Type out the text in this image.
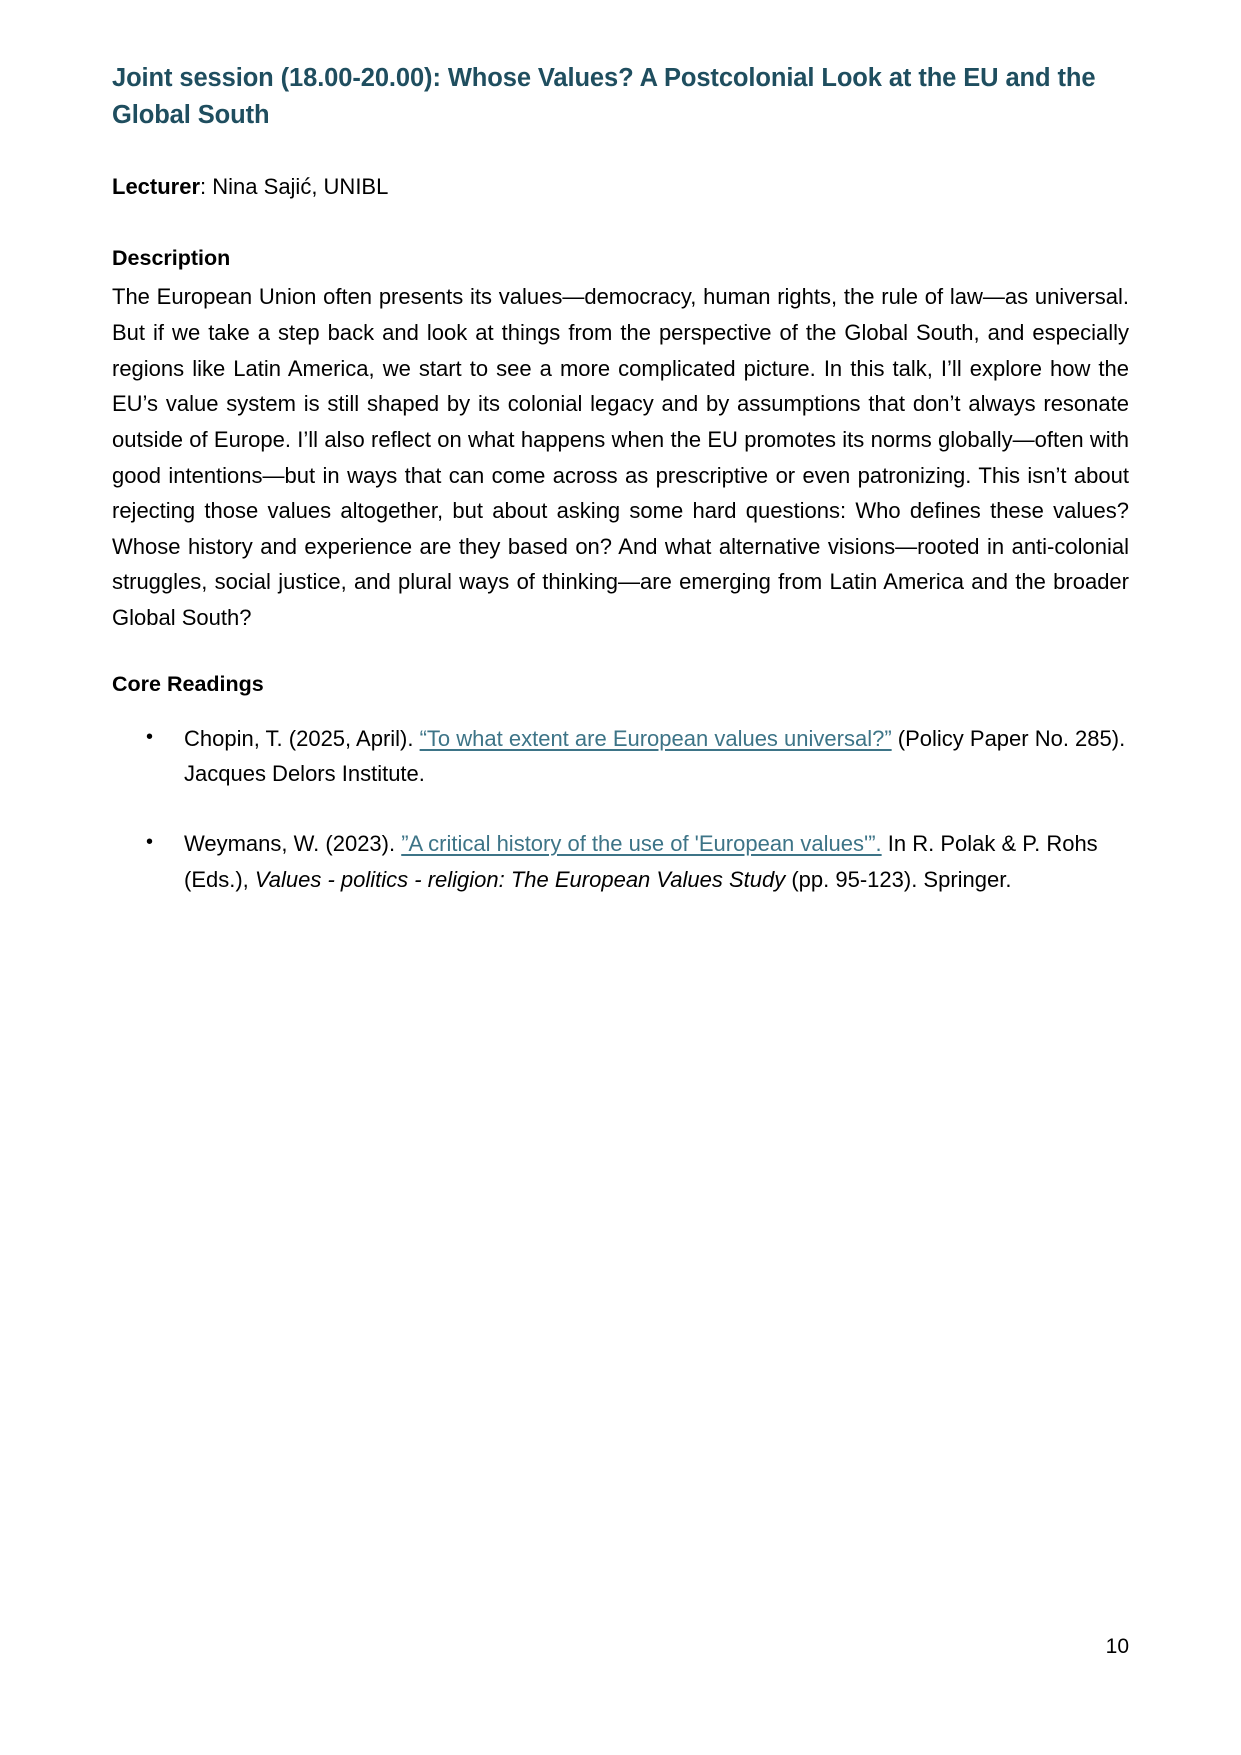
Joint session (18.00-20.00): Whose Values? A Postcolonial Look at the EU and the Global South
Lecturer: Nina Sajić, UNIBL
Description

The European Union often presents its values—democracy, human rights, the rule of law—as universal. But if we take a step back and look at things from the perspective of the Global South, and especially regions like Latin America, we start to see a more complicated picture. In this talk, I’ll explore how the EU’s value system is still shaped by its colonial legacy and by assumptions that don’t always resonate outside of Europe. I’ll also reflect on what happens when the EU promotes its norms globally—often with good intentions—but in ways that can come across as prescriptive or even patronizing. This isn’t about rejecting those values altogether, but about asking some hard questions: Who defines these values? Whose history and experience are they based on? And what alternative visions—rooted in anti-colonial struggles, social justice, and plural ways of thinking—are emerging from Latin America and the broader Global South?

Core Readings
• Chopin, T. (2025, April). “To what extent are European values universal?” (Policy Paper No. 285). Jacques Delors Institute.
• Weymans, W. (2023). ”A critical history of the use of 'European values'”. In R. Polak & P. Rohs (Eds.), Values - politics - religion: The European Values Study (pp. 95-123). Springer.
10
